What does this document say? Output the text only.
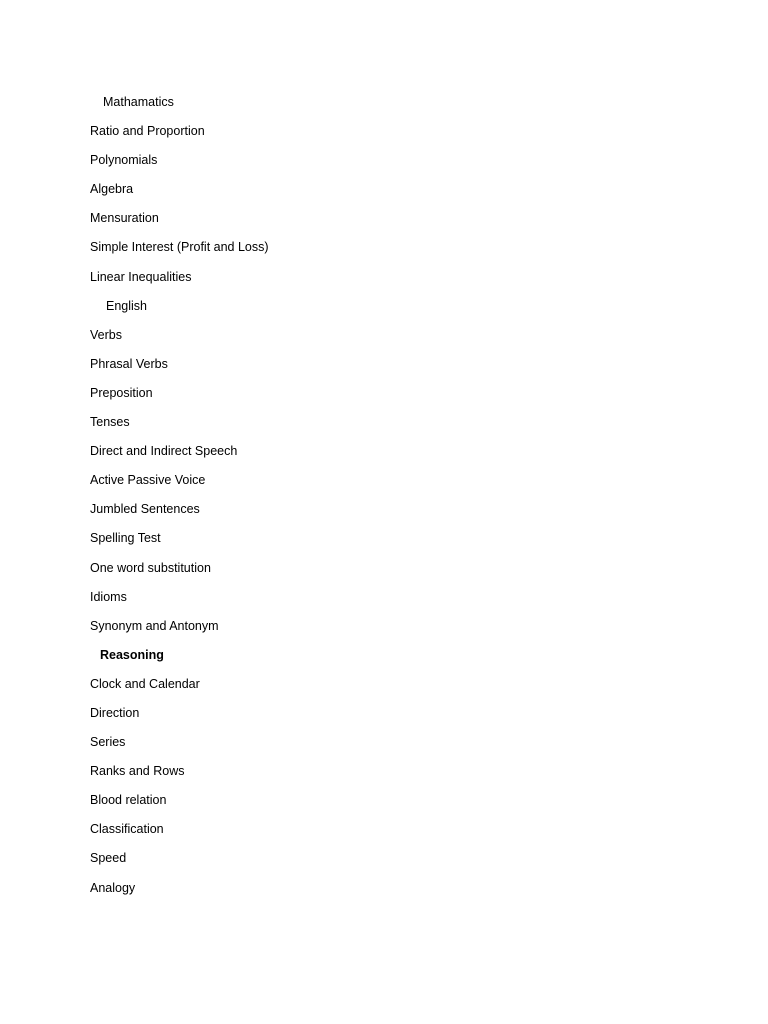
Mathamatics
Ratio and Proportion
Polynomials
Algebra
Mensuration
Simple Interest (Profit and Loss)
Linear Inequalities
English
Verbs
Phrasal Verbs
Preposition
Tenses
Direct and Indirect Speech
Active Passive Voice
Jumbled Sentences
Spelling Test
One word substitution
Idioms
Synonym and Antonym
Reasoning
Clock and Calendar
Direction
Series
Ranks and Rows
Blood relation
Classification
Speed
Analogy
